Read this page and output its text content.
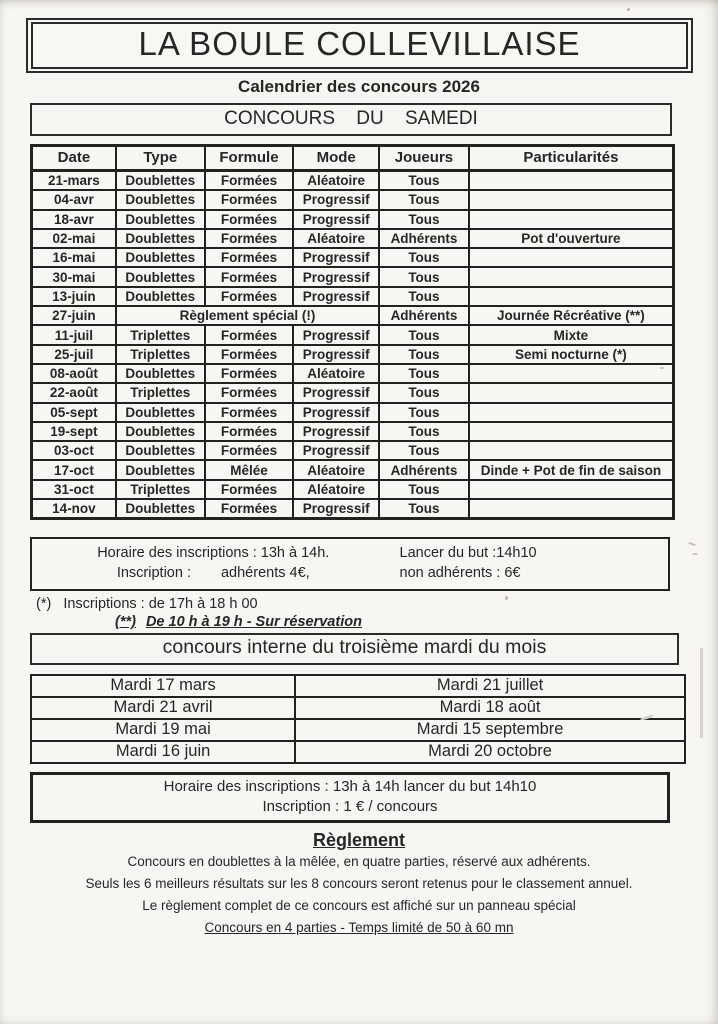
LA BOULE COLLEVILLAISE
Calendrier des concours 2026
CONCOURS DU SAMEDI
Date	Type	Formule	Mode	Joueurs	Particularités
21-mars	Doublettes	Formées	Aléatoire	Tous	
04-avr	Doublettes	Formées	Progressif	Tous	
18-avr	Doublettes	Formées	Progressif	Tous	
02-mai	Doublettes	Formées	Aléatoire	Adhérents	Pot d'ouverture
16-mai	Doublettes	Formées	Progressif	Tous	
30-mai	Doublettes	Formées	Progressif	Tous	
13-juin	Doublettes	Formées	Progressif	Tous	
27-juin	Règlement spécial (!)			Adhérents	Journée Récréative (**)
11-juil	Triplettes	Formées	Progressif	Tous	Mixte
25-juil	Triplettes	Formées	Progressif	Tous	Semi nocturne (*)
08-août	Doublettes	Formées	Aléatoire	Tous	
22-août	Triplettes	Formées	Progressif	Tous	
05-sept	Doublettes	Formées	Progressif	Tous	
19-sept	Doublettes	Formées	Progressif	Tous	
03-oct	Doublettes	Formées	Progressif	Tous	
17-oct	Doublettes	Mêlée	Aléatoire	Adhérents	Dinde + Pot de fin de saison
31-oct	Triplettes	Formées	Aléatoire	Tous	
14-nov	Doublettes	Formées	Progressif	Tous	
Horaire des inscriptions : 13h à 14h.	Lancer du but :14h10
Inscription : adhérents 4€,	non adhérents : 6€
(*) Inscriptions : de 17h à 18 h 00
(**) De 10 h à 19 h - Sur réservation
concours interne du troisième mardi du mois
Mardi 17 mars	Mardi 21 juillet
Mardi 21 avril	Mardi 18 août
Mardi 19 mai	Mardi 15 septembre
Mardi 16 juin	Mardi 20 octobre
Horaire des inscriptions : 13h à 14h lancer du but 14h10
Inscription : 1 € / concours
Règlement
Concours en doublettes à la mêlée, en quatre parties, réservé aux adhérents.
Seuls les 6 meilleurs résultats sur les 8 concours seront retenus pour le classement annuel.
Le règlement complet de ce concours est affiché sur un panneau spécial
Concours en 4 parties - Temps limité de 50 à 60 mn
